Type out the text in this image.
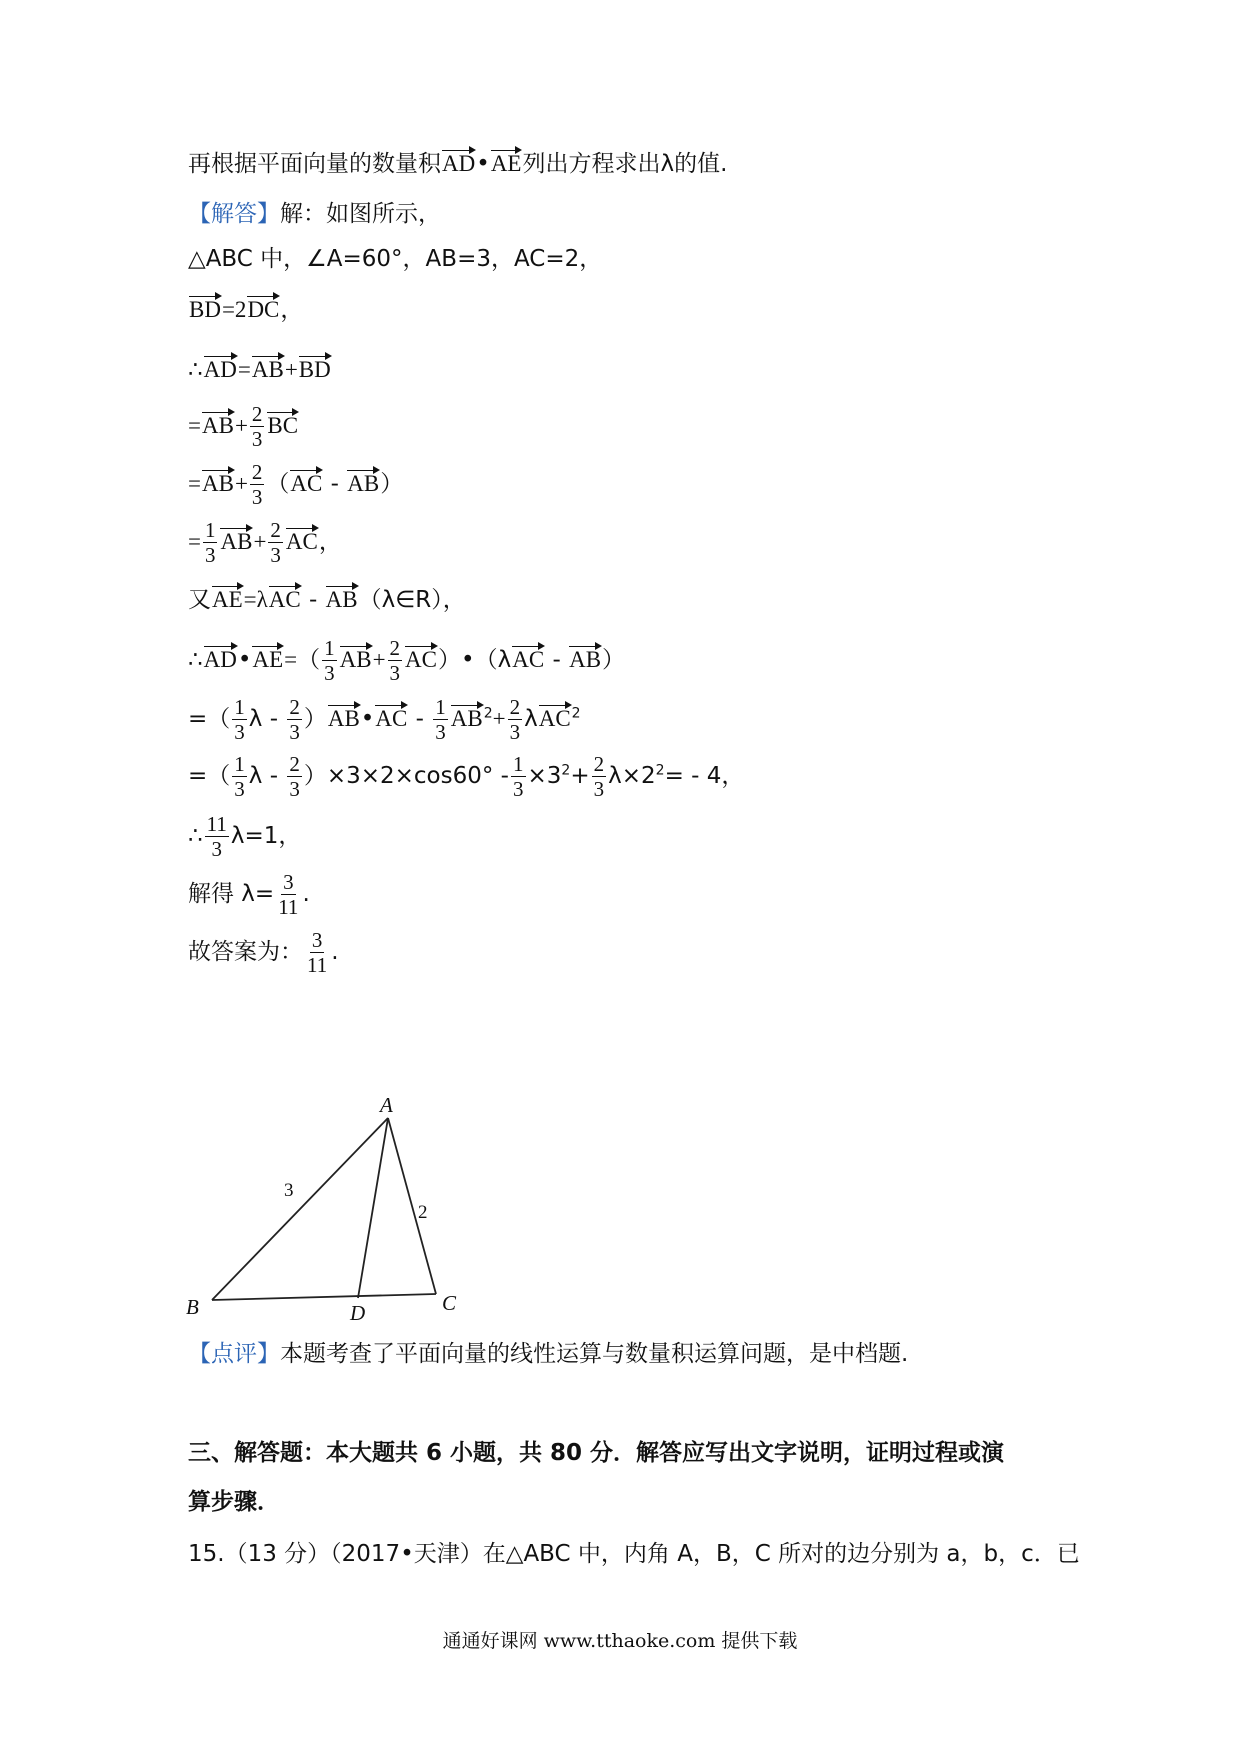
再根据平面向量的数量积AD•AE列出方程求出λ的值.
【解答】解：如图所示，
△ABC 中，∠A=60°，AB=3，AC=2，
BD=2DC，
∴AD=AB+BD
$=AB+ \frac{2}{3}$ BC
$=AB+ \frac{2}{3} (AC - AB)$
= $\frac{1}{3} AB+ \frac{2}{3}$ AC，
又AE=λAC - AB（λ∈R），
∴AD•AE=（ $\frac{1}{3} AB+ \frac{2}{3}$ AC）•（λAC - AB）
=（ $\frac{1}{3}$ λ - $\frac{2}{3}$ ）AB•AC - $\frac{1}{3} AB^2+ \frac{2}{3} \lambda AC^2$
=（ $\frac{1}{3}$ $\lambda - \frac{2}{3} )\times 3\times 2\times\cos 60^\circ - \frac{1}{3} \times 3^2+ \frac{2}{3} \lambda\times 2^2= - 4$，
∴ $\frac{11}{3} \lambda=1$，
解得 $\lambda= \frac{3}{11}$ .
故答案为： $\frac{3}{11}$ .
A
B	C
D
3
2
【点评】本题考查了平面向量的线性运算与数量积运算问题，是中档题.
三、解答题：本大题共 6 小题，共 80 分．解答应写出文字说明，证明过程或演
算步骤．
15.（13 分）（2017•天津）在△ABC 中，内角 A，B，C 所对的边分别为 a，b，c．已
通通好课网 www.tthaoke.com 提供下载
